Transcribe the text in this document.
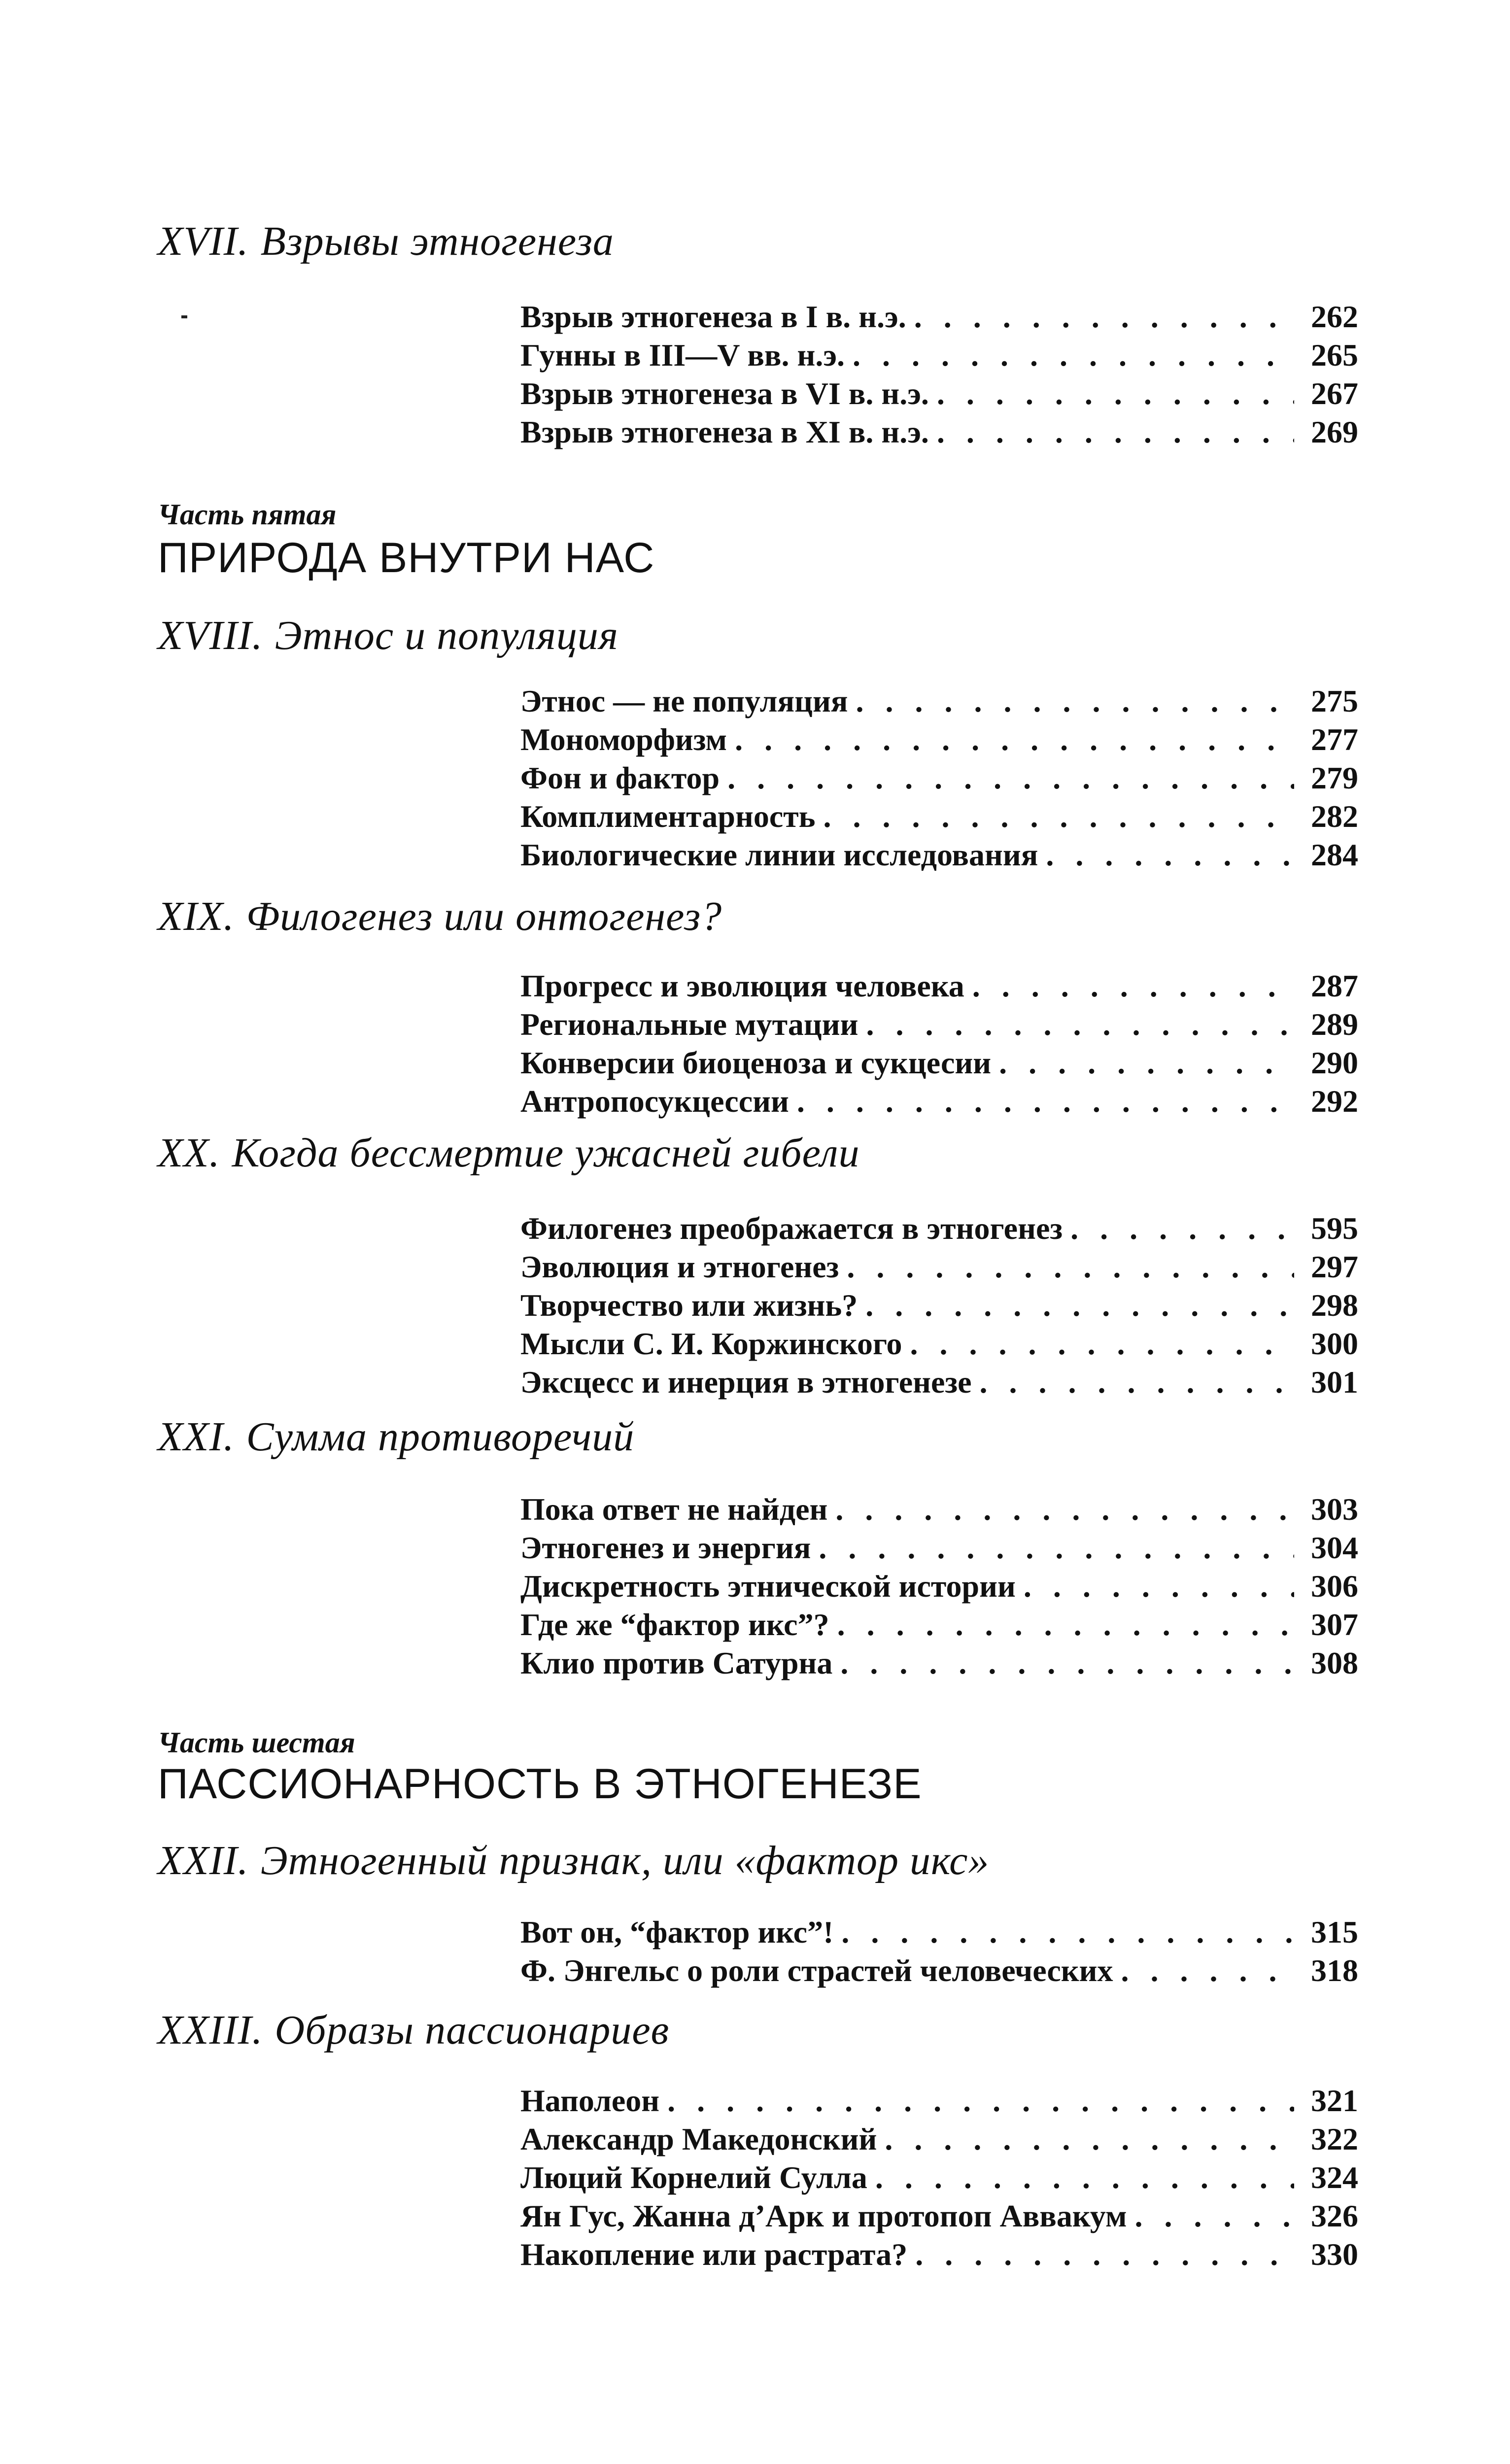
XVII. Взрывы этногенеза
Взрыв этногенеза в I в. н.э. . . .	262
Гунны в III—V вв. н.э. . . .	265
Взрыв этногенеза в VI в. н.э. . . .	267
Взрыв этногенеза в XI в. н.э. . . .	269
Часть пятая
ПРИРОДА ВНУТРИ НАС
XVIII. Этнос и популяция
Этнос — не популяция . . .	275
Мономорфизм . . .	277
Фон и фактор . . .	279
Комплиментарность . . .	282
Биологические линии исследования . . .	284
XIX. Филогенез или онтогенез?
Прогресс и эволюция человека . . .	287
Региональные мутации . . .	289
Конверсии биоценоза и сукцесии . . .	290
Антропосукцессии . . .	292
XX. Когда бессмертие ужасней гибели
Филогенез преображается в этногенез . . .	595
Эволюция и этногенез . . .	297
Творчество или жизнь? . . .	298
Мысли С. И. Коржинского . . .	300
Эксцесс и инерция в этногенезе . . .	301
XXI. Сумма противоречий
Пока ответ не найден . . .	303
Этногенез и энергия . . .	304
Дискретность этнической истории . . .	306
Где же “фактор икс”? . . .	307
Клио против Сатурна . . .	308
Часть шестая
ПАССИОНАРНОСТЬ В ЭТНОГЕНЕЗЕ
XXII. Этногенный признак, или «фактор икс»
Вот он, “фактор икс”! . . .	315
Ф. Энгельс о роли страстей человеческих . . .	318
XXIII. Образы пассионариев
Наполеон . . .	321
Александр Македонский . . .	322
Люций Корнелий Сулла . . .	324
Ян Гус, Жанна д’Арк и протопоп Аввакум . . .	326
Накопление или растрата? . . .	330
